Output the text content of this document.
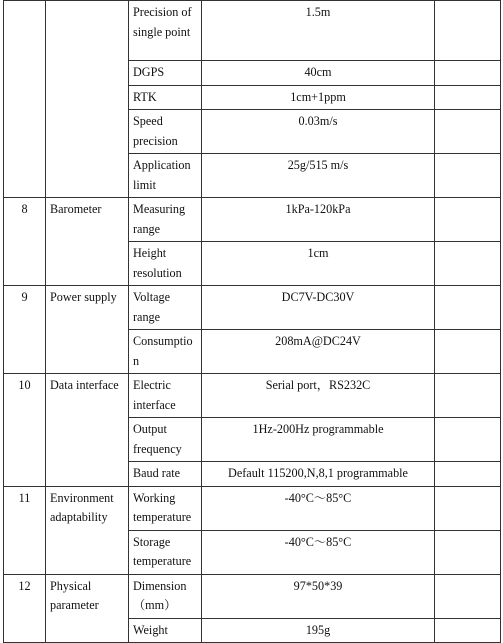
		Precision of single point	1.5m	
		DGPS	40cm	
		RTK	1cm+1ppm	
		Speed precision	0.03m/s	
		Application limit	25g/515 m/s	
8	Barometer	Measuring range	1kPa-120kPa	
		Height resolution	1cm	
9	Power supply	Voltage range	DC7V-DC30V	
		Consumption	208mA@DC24V	
10	Data interface	Electric interface	Serial port，RS232C	
		Output frequency	1Hz-200Hz programmable	
		Baud rate	Default 115200,N,8,1 programmable	
11	Environment adaptability	Working temperature	-40°C～85°C	
		Storage temperature	-40°C～85°C	
12	Physical parameter	Dimension（mm）	97*50*39	
		Weight	195g	
